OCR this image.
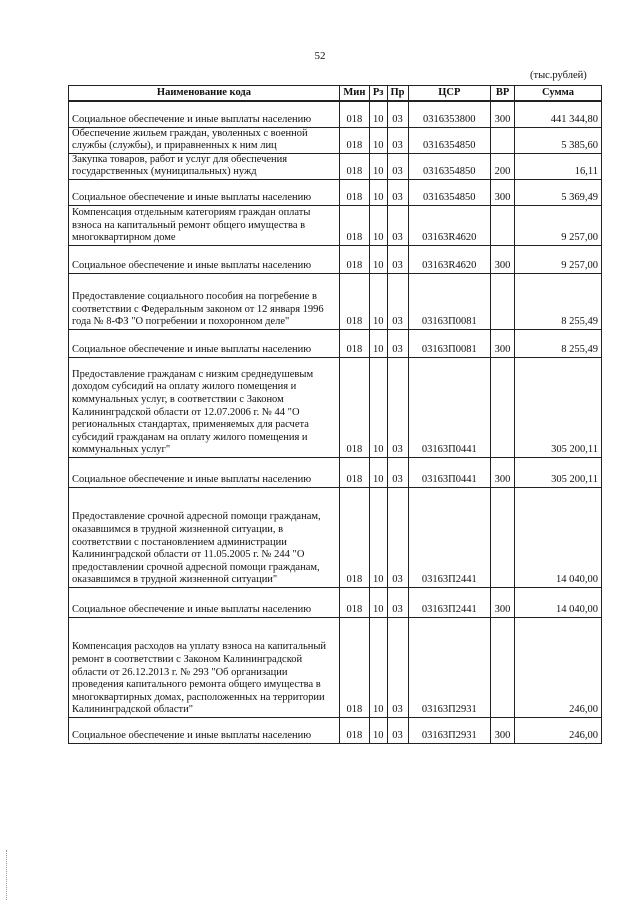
52
(тыс.рублей)
Наименование кода	Мин	Рз	Пр	ЦСР	ВР	Сумма
Социальное обеспечение и иные выплаты населению	018	10	03	0316353800	300	441 344,80
Обеспечение жильем граждан, уволенных с военной службы (службы), и приравненных к ним лиц	018	10	03	0316354850		5 385,60
Закупка товаров, работ и услуг для обеспечения государственных (муниципальных) нужд	018	10	03	0316354850	200	16,11
Социальное обеспечение и иные выплаты населению	018	10	03	0316354850	300	5 369,49
Компенсация отдельным категориям граждан оплаты взноса на капитальный ремонт общего имущества в многоквартирном доме	018	10	03	03163R4620		9 257,00
Социальное обеспечение и иные выплаты населению	018	10	03	03163R4620	300	9 257,00
Предоставление социального пособия на погребение в соответствии с Федеральным законом от 12 января 1996 года № 8-ФЗ "О погребении и похоронном деле"	018	10	03	03163П0081		8 255,49
Социальное обеспечение и иные выплаты населению	018	10	03	03163П0081	300	8 255,49
Предоставление гражданам с низким среднедушевым доходом субсидий на оплату жилого помещения и коммунальных услуг, в соответствии с Законом Калининградской области от 12.07.2006 г. № 44 "О региональных стандартах, применяемых для расчета субсидий гражданам на оплату жилого помещения и коммунальных услуг"	018	10	03	03163П0441		305 200,11
Социальное обеспечение и иные выплаты населению	018	10	03	03163П0441	300	305 200,11
Предоставление срочной адресной помощи гражданам, оказавшимся в трудной жизненной ситуации, в соответствии с постановлением администрации Калининградской области от 11.05.2005 г. № 244 "О предоставлении срочной адресной помощи гражданам, оказавшимся в трудной жизненной ситуации"	018	10	03	03163П2441		14 040,00
Социальное обеспечение и иные выплаты населению	018	10	03	03163П2441	300	14 040,00
Компенсация расходов на уплату взноса на капитальный ремонт в соответствии с Законом Калининградской области от 26.12.2013 г. № 293 "Об организации проведения капитального ремонта общего имущества в многоквартирных домах, расположенных на территории Калининградской области"	018	10	03	03163П2931		246,00
Социальное обеспечение и иные выплаты населению	018	10	03	03163П2931	300	246,00
